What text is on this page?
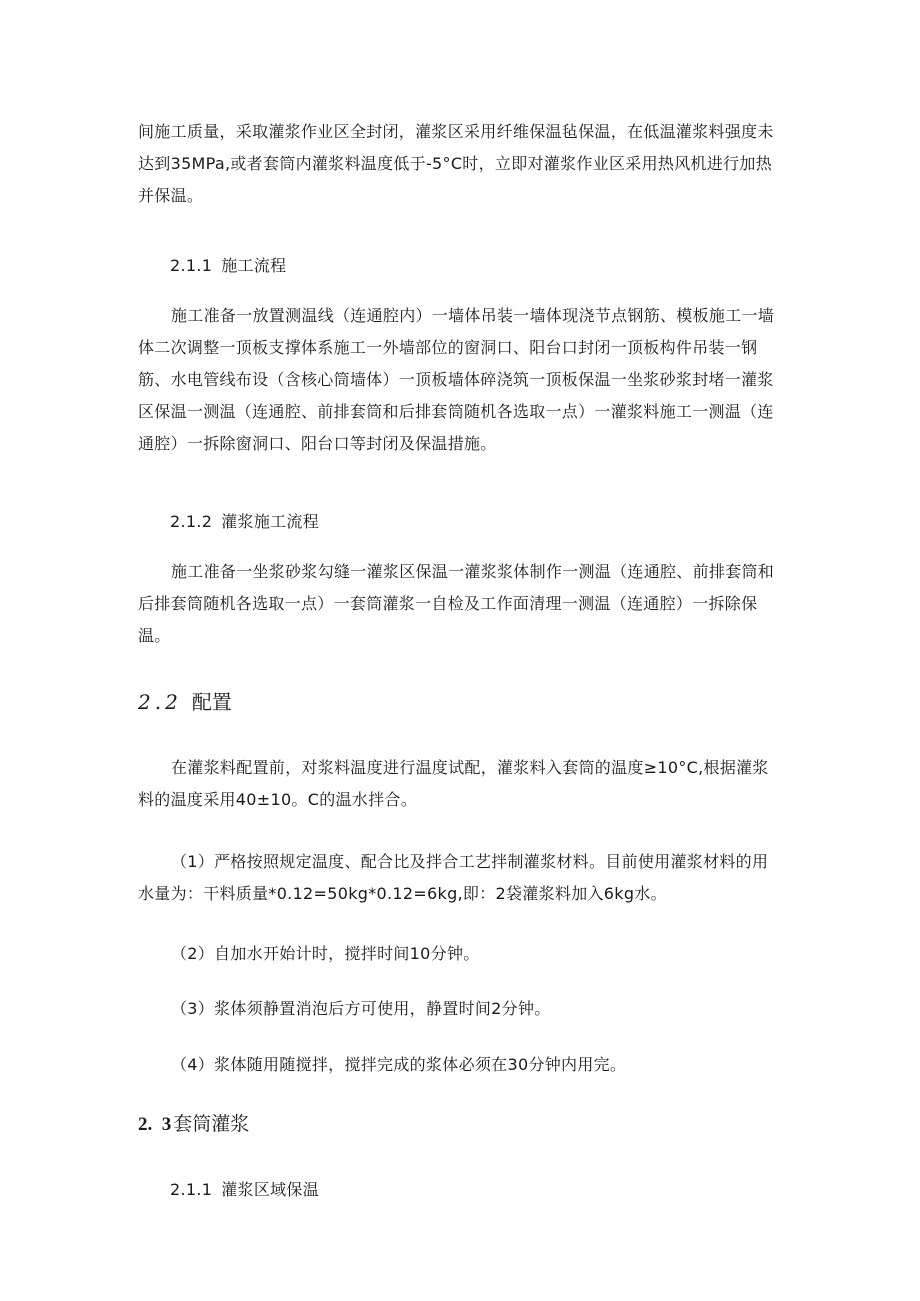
间施工质量，采取灌浆作业区全封闭，灌浆区采用纤维保温毡保温，在低温灌浆料强度未达到35MPa,或者套筒内灌浆料温度低于-5°C时，立即对灌浆作业区采用热风机进行加热并保温。

2.1.1 施工流程

施工准备一放置测温线（连通腔内）一墙体吊装一墙体现浇节点钢筋、模板施工一墙体二次调整一顶板支撑体系施工一外墙部位的窗洞口、阳台口封闭一顶板构件吊装一钢筋、水电管线布设（含核心筒墙体）一顶板墙体碎浇筑一顶板保温一坐浆砂浆封堵一灌浆区保温一测温（连通腔、前排套筒和后排套筒随机各选取一点）一灌浆料施工一测温（连通腔）一拆除窗洞口、阳台口等封闭及保温措施。

2.1.2 灌浆施工流程

施工准备一坐浆砂浆勾缝一灌浆区保温一灌浆浆体制作一测温（连通腔、前排套筒和后排套筒随机各选取一点）一套筒灌浆一自检及工作面清理一测温（连通腔）一拆除保温。

2.2 配置

在灌浆料配置前，对浆料温度进行温度试配，灌浆料入套筒的温度≥10°C,根据灌浆料的温度采用40±10。C的温水拌合。

（1）严格按照规定温度、配合比及拌合工艺拌制灌浆材料。目前使用灌浆材料的用水量为：干料质量*0.12=50kg*0.12=6kg,即：2袋灌浆料加入6kg水。

（2）自加水开始计时，搅拌时间10分钟。

（3）浆体须静置消泡后方可使用，静置时间2分钟。

（4）浆体随用随搅拌，搅拌完成的浆体必须在30分钟内用完。

2.  3 套筒灌浆
2.1.1 灌浆区域保温
